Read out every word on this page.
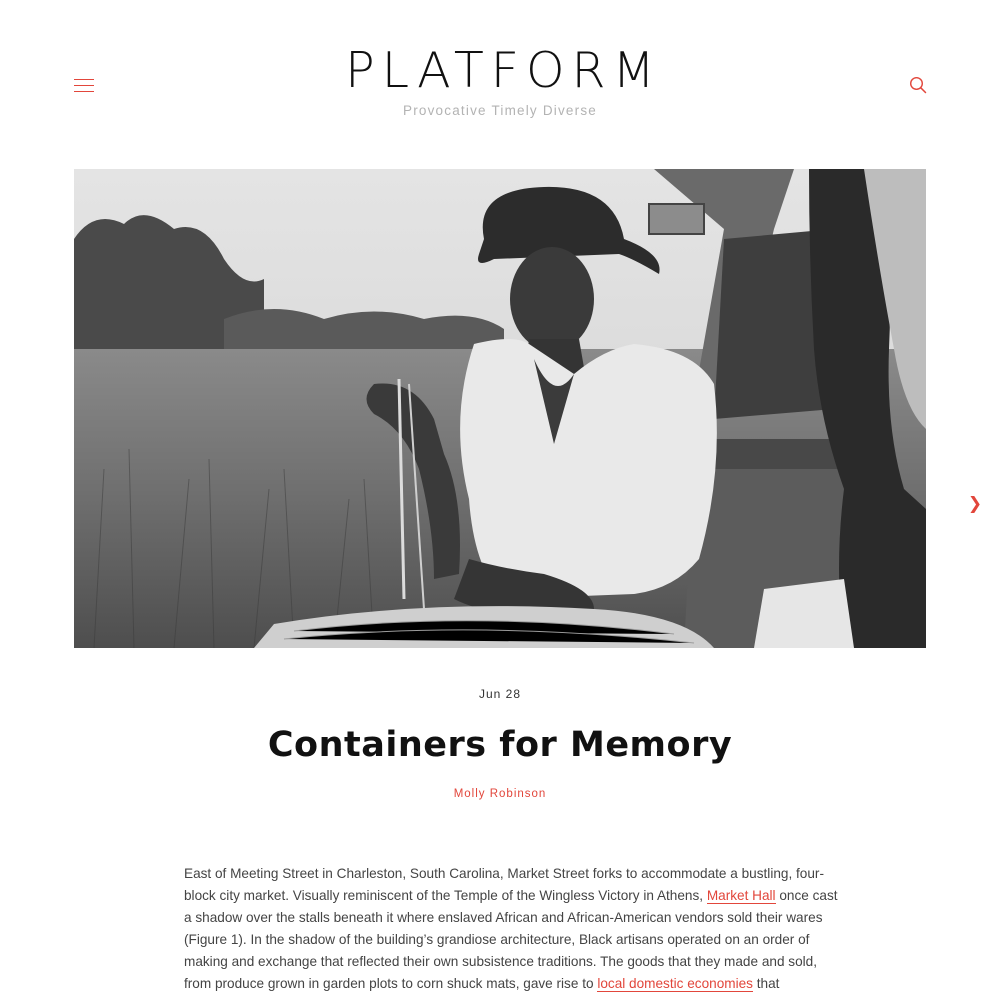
PLATFORM
Provocative Timely Diverse
❯
Jun 28
Containers for Memory
Molly Robinson
East of Meeting Street in Charleston, South Carolina, Market Street forks to accommodate a bustling, four-
block city market. Visually reminiscent of the Temple of the Wingless Victory in Athens, Market Hall once cast
a shadow over the stalls beneath it where enslaved African and African-American vendors sold their wares
(Figure 1). In the shadow of the building’s grandiose architecture, Black artisans operated on an order of
making and exchange that reflected their own subsistence traditions. The goods that they made and sold,
from produce grown in garden plots to corn shuck mats, gave rise to local domestic economies that
